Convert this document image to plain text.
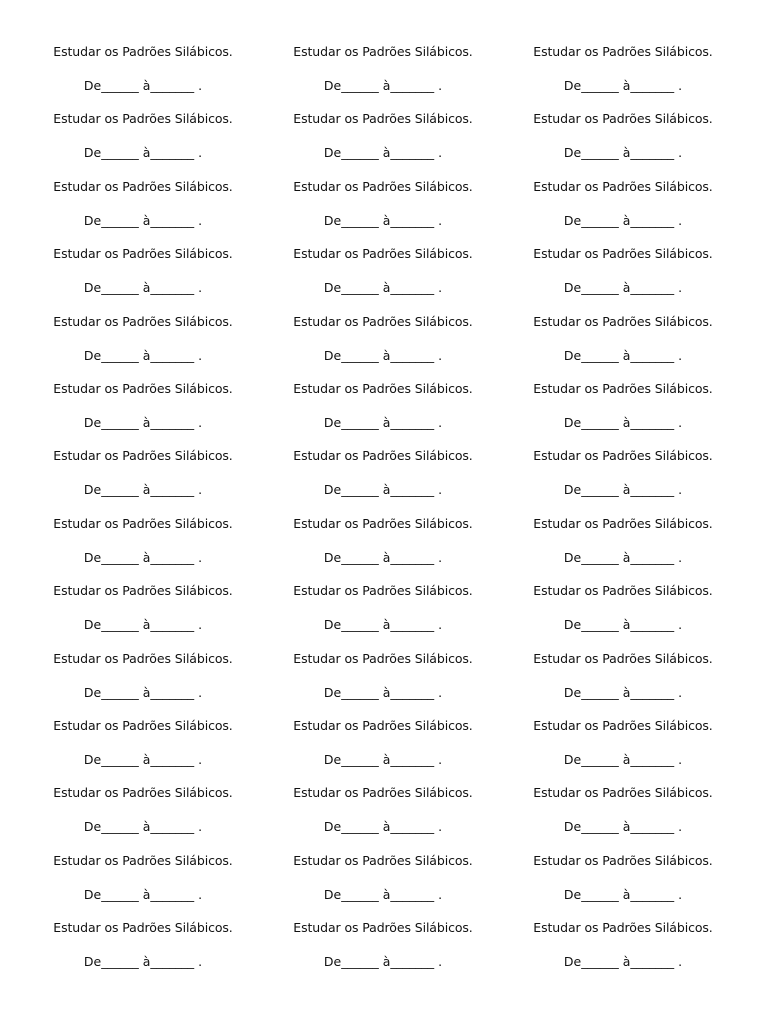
Estudar os Padrões Silábicos.
De______ à_______ .
Estudar os Padrões Silábicos.
De______ à_______ .
Estudar os Padrões Silábicos.
De______ à_______ .
Estudar os Padrões Silábicos.
De______ à_______ .
Estudar os Padrões Silábicos.
De______ à_______ .
Estudar os Padrões Silábicos.
De______ à_______ .
Estudar os Padrões Silábicos.
De______ à_______ .
Estudar os Padrões Silábicos.
De______ à_______ .
Estudar os Padrões Silábicos.
De______ à_______ .
Estudar os Padrões Silábicos.
De______ à_______ .
Estudar os Padrões Silábicos.
De______ à_______ .
Estudar os Padrões Silábicos.
De______ à_______ .
Estudar os Padrões Silábicos.
De______ à_______ .
Estudar os Padrões Silábicos.
De______ à_______ .
Estudar os Padrões Silábicos.
De______ à_______ .
Estudar os Padrões Silábicos.
De______ à_______ .
Estudar os Padrões Silábicos.
De______ à_______ .
Estudar os Padrões Silábicos.
De______ à_______ .
Estudar os Padrões Silábicos.
De______ à_______ .
Estudar os Padrões Silábicos.
De______ à_______ .
Estudar os Padrões Silábicos.
De______ à_______ .
Estudar os Padrões Silábicos.
De______ à_______ .
Estudar os Padrões Silábicos.
De______ à_______ .
Estudar os Padrões Silábicos.
De______ à_______ .
Estudar os Padrões Silábicos.
De______ à_______ .
Estudar os Padrões Silábicos.
De______ à_______ .
Estudar os Padrões Silábicos.
De______ à_______ .
Estudar os Padrões Silábicos.
De______ à_______ .
Estudar os Padrões Silábicos.
De______ à_______ .
Estudar os Padrões Silábicos.
De______ à_______ .
Estudar os Padrões Silábicos.
De______ à_______ .
Estudar os Padrões Silábicos.
De______ à_______ .
Estudar os Padrões Silábicos.
De______ à_______ .
Estudar os Padrões Silábicos.
De______ à_______ .
Estudar os Padrões Silábicos.
De______ à_______ .
Estudar os Padrões Silábicos.
De______ à_______ .
Estudar os Padrões Silábicos.
De______ à_______ .
Estudar os Padrões Silábicos.
De______ à_______ .
Estudar os Padrões Silábicos.
De______ à_______ .
Estudar os Padrões Silábicos.
De______ à_______ .
Estudar os Padrões Silábicos.
De______ à_______ .
Estudar os Padrões Silábicos.
De______ à_______ .
